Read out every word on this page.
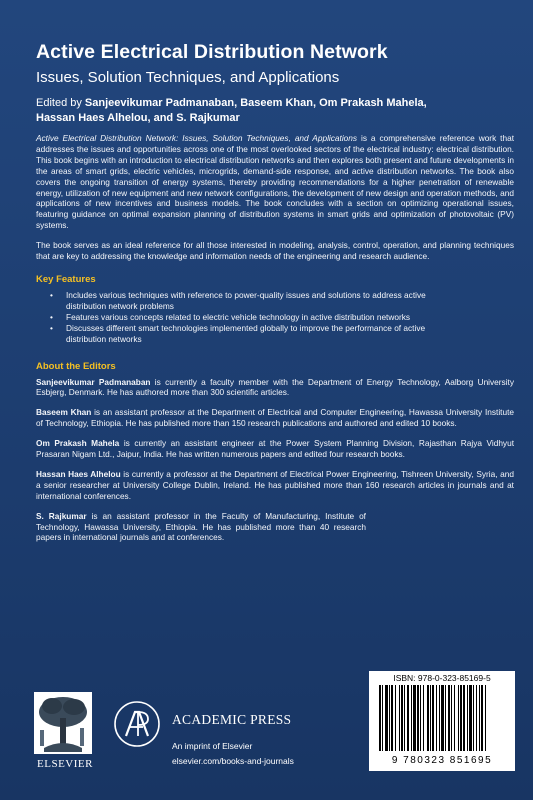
Active Electrical Distribution Network
Issues, Solution Techniques, and Applications
Edited by Sanjeevikumar Padmanaban, Baseem Khan, Om Prakash Mahela,
Hassan Haes Alhelou, and S. Rajkumar

Active Electrical Distribution Network: Issues, Solution Techniques, and Applications is a comprehensive reference work that addresses the issues and opportunities across one of the most overlooked sectors of the electrical industry: electrical distribution. This book begins with an introduction to electrical distribution networks and then explores both present and future developments in the areas of smart grids, electric vehicles, microgrids, demand-side response, and active distribution networks. The book also covers the ongoing transition of energy systems, thereby providing recommendations for a higher penetration of renewable energy, utilization of new equipment and new network configurations, the development of new design and operation methods, and applications of new incentives and business models. The book concludes with a section on optimizing operational issues, featuring guidance on optimal expansion planning of distribution systems in smart grids and optimization of photovoltaic (PV) systems.

The book serves as an ideal reference for all those interested in modeling, analysis, control, operation, and planning techniques that are key to addressing the knowledge and information needs of the engineering and research audience.

Key Features
• Includes various techniques with reference to power-quality issues and solutions to address active distribution network problems
• Features various concepts related to electric vehicle technology in active distribution networks
• Discusses different smart technologies implemented globally to improve the performance of active distribution networks
About the Editors

Sanjeevikumar Padmanaban is currently a faculty member with the Department of Energy Technology, Aalborg University Esbjerg, Denmark. He has authored more than 300 scientific articles.

Baseem Khan is an assistant professor at the Department of Electrical and Computer Engineering, Hawassa University Institute of Technology, Ethiopia. He has published more than 150 research publications and authored and edited 10 books.

Om Prakash Mahela is currently an assistant engineer at the Power System Planning Division, Rajasthan Rajya Vidhyut Prasaran Nigam Ltd., Jaipur, India. He has written numerous papers and edited four research books.

Hassan Haes Alhelou is currently a professor at the Department of Electrical Power Engineering, Tishreen University, Syria, and a senior researcher at University College Dublin, Ireland. He has published more than 160 research articles in journals and at international conferences.

S. Rajkumar is an assistant professor in the Faculty of Manufacturing, Institute of Technology, Hawassa University, Ethiopia. He has published more than 40 research papers in international journals and at conferences.

ELSEVIER
ACADEMIC PRESS
An imprint of Elsevier
elsevier.com/books-and-journals
ISBN: 978-0-323-85169-5
9 780323 851695
